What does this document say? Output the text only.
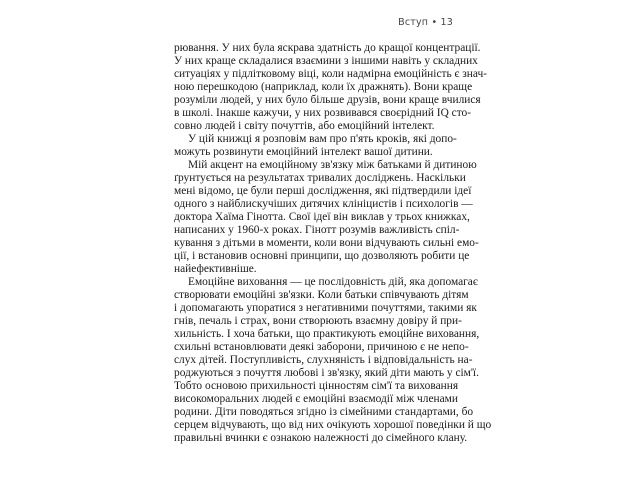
Вступ • 13
рювання. У них була яскрава здатність до кращої концентрації.
У них краще складалися взаємини з іншими навіть у складних
ситуаціях у підлітковому віці, коли надмірна емоційність є знач-
ною перешкодою (наприклад, коли їх дражнять). Вони краще
розуміли людей, у них було більше друзів, вони краще вчилися
в школі. Інакше кажучи, у них розвивався своєрідний IQ сто-
совно людей і світу почуттів, або емоційний інтелект.
У цій книжці я розповім вам про п'ять кроків, які допо-
можуть розвинути емоційний інтелект вашої дитини.
Мій акцент на емоційному зв'язку між батьками й дитиною
ґрунтується на результатах тривалих досліджень. Наскільки
мені відомо, це були перші дослідження, які підтвердили ідеї
одного з найблискучіших дитячих клініцистів і психологів —
доктора Хаїма Гінотта. Свої ідеї він виклав у трьох книжках,
написаних у 1960-х роках. Гінотт розумів важливість спіл-
кування з дітьми в моменти, коли вони відчувають сильні емо-
ції, і встановив основні принципи, що дозволяють робити це
найефективніше.
Емоційне виховання — це послідовність дій, яка допомагає
створювати емоційні зв'язки. Коли батьки співчувають дітям
і допомагають упоратися з негативними почуттями, такими як
гнів, печаль і страх, вони створюють взаємну довіру й при-
хильність. І хоча батьки, що практикують емоційне виховання,
схильні встановлювати деякі заборони, причиною є не непо-
слух дітей. Поступливість, слухняність і відповідальність на-
роджуються з почуття любові і зв'язку, який діти мають у сім'ї.
Тобто основою прихильності цінностям сім'ї та виховання
високоморальних людей є емоційні взаємодії між членами
родини. Діти поводяться згідно із сімейними стандартами, бо
серцем відчувають, що від них очікують хорошої поведінки й що
правильні вчинки є ознакою належності до сімейного клану.
